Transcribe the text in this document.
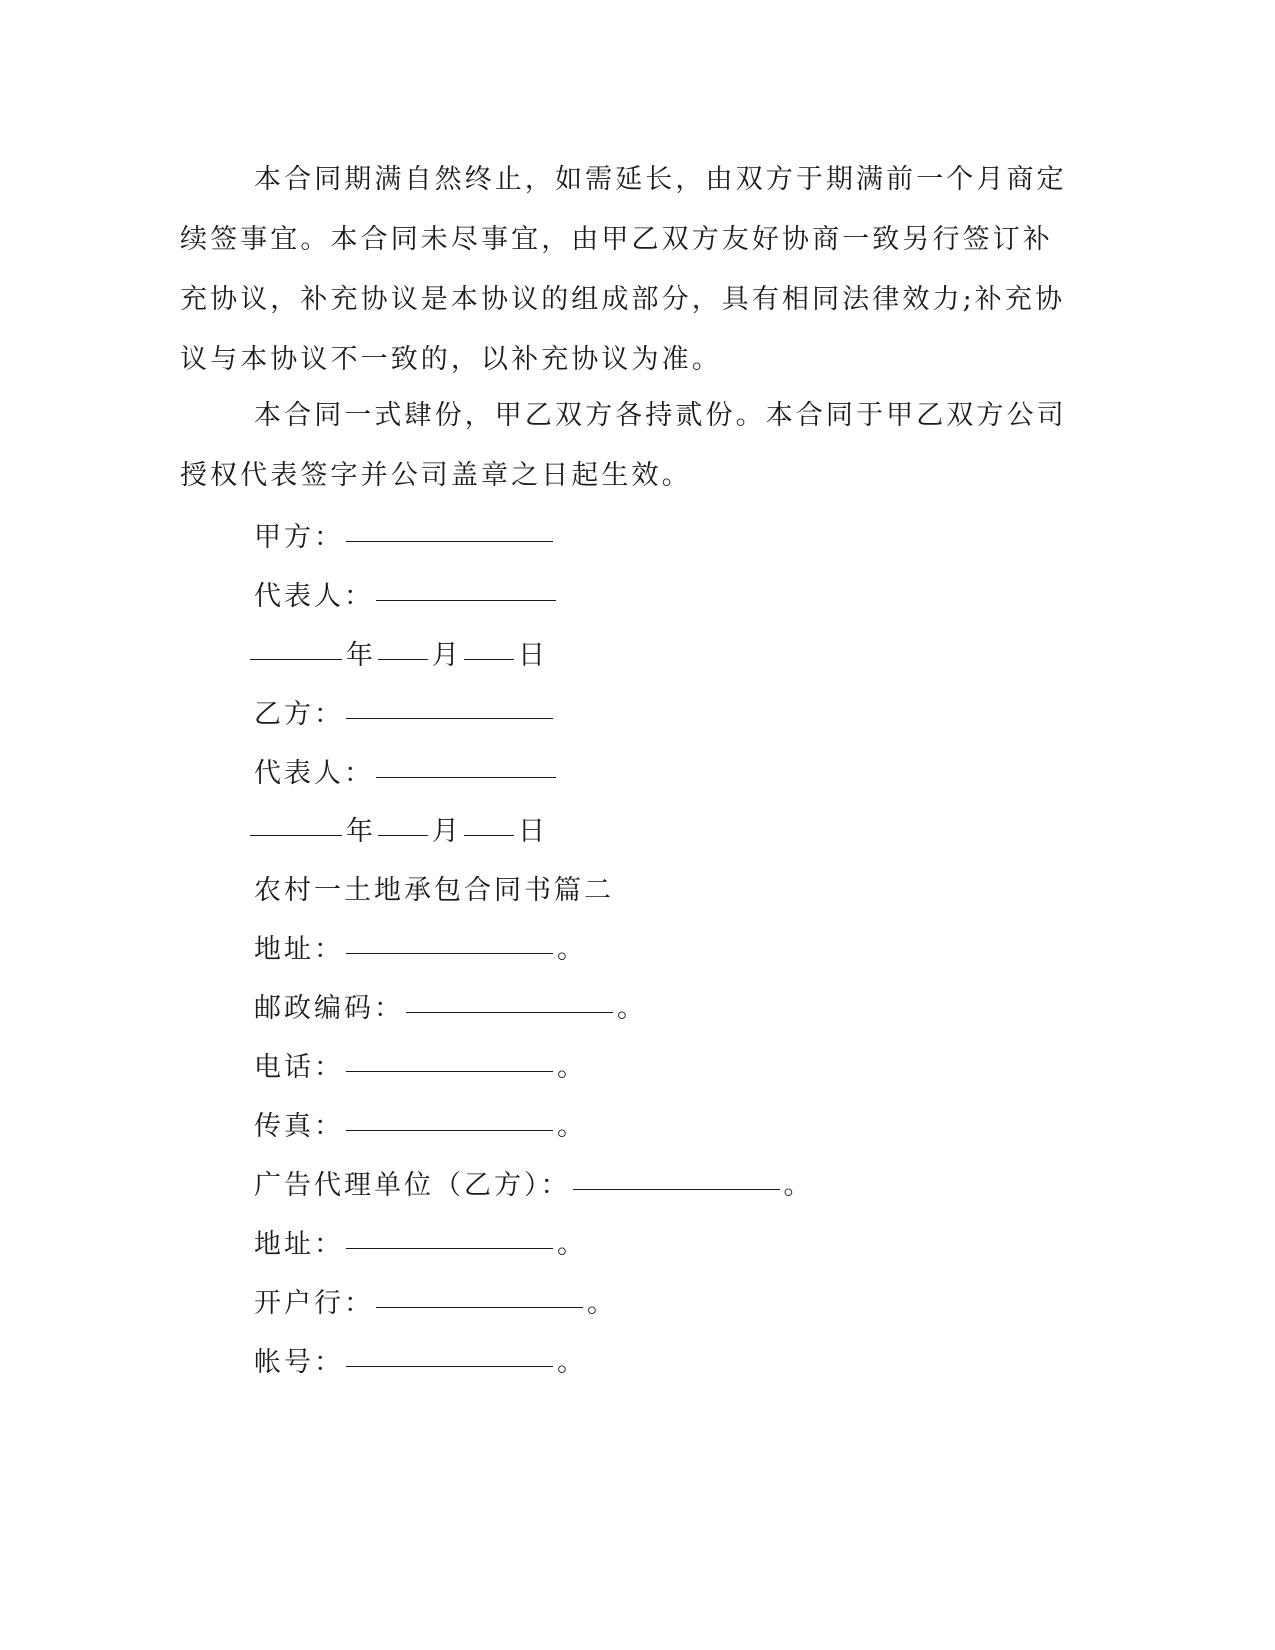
本合同期满自然终止，如需延长，由双方于期满前一个月商定续签事宜。本合同未尽事宜，由甲乙双方友好协商一致另行签订补充协议，补充协议是本协议的组成部分，具有相同法律效力;补充协议与本协议不一致的，以补充协议为准。

本合同一式肆份，甲乙双方各持贰份。本合同于甲乙双方公司授权代表签字并公司盖章之日起生效。

甲方：
代表人：
年 月 日
乙方：
代表人：
年 月 日
农村一土地承包合同书篇二
地址：	。
邮政编码：	。
电话：	。
传真：	。
广告代理单位（乙方）：	。
地址：	。
开户行：	。
帐号：	。
